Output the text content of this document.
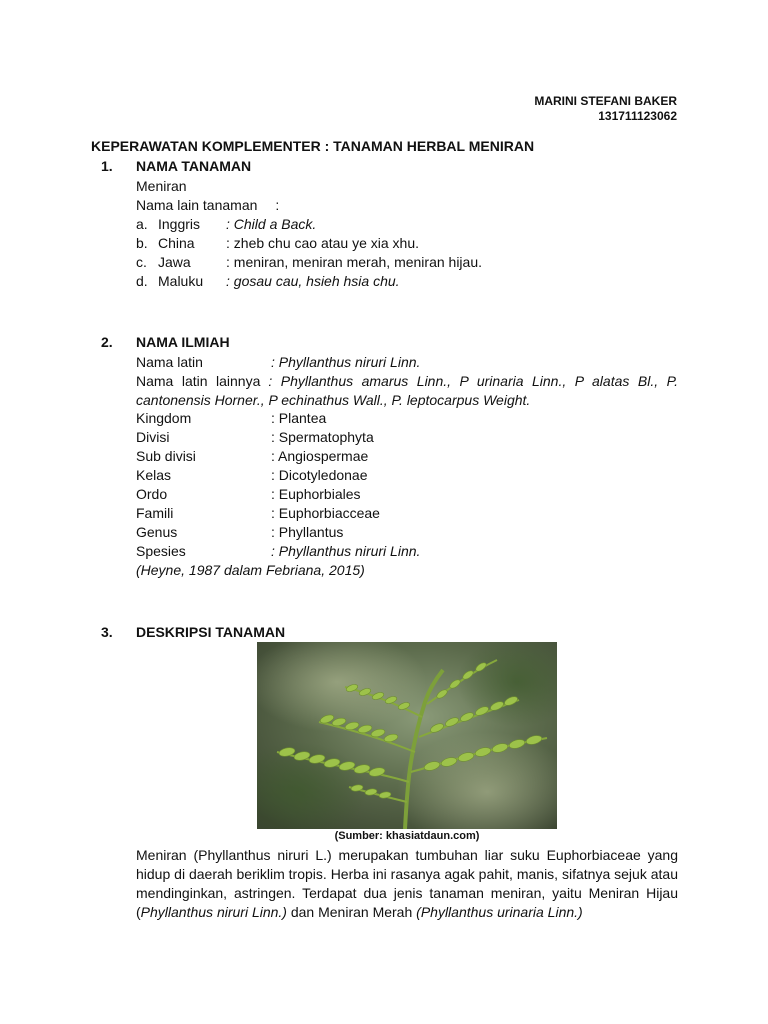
MARINI STEFANI BAKER
131711123062
KEPERAWATAN KOMPLEMENTER : TANAMAN HERBAL MENIRAN
1. NAMA TANAMAN
Meniran
Nama lain tanaman :
a. Inggris : Child a Back.
b. China : zheb chu cao atau ye xia xhu.
c. Jawa	: meniran, meniran merah, meniran hijau.
d. Maluku : gosau cau, hsieh hsia chu.
2. NAMA ILMIAH
Nama latin	: Phyllanthus niruri Linn.
Nama latin lainnya : Phyllanthus amarus Linn., P urinaria Linn., P alatas Bl., P. cantonensis Horner., P echinathus Wall., P. leptocarpus Weight.
Kingdom	: Plantea
Divisi	: Spermatophyta
Sub divisi	: Angiospermae
Kelas	: Dicotyledonae
Ordo	: Euphorbiales
Famili	: Euphorbiacceae
Genus	: Phyllantus
Spesies	: Phyllanthus niruri Linn.
(Heyne, 1987 dalam Febriana, 2015)
3. DESKRIPSI TANAMAN
(Sumber: khasiatdaun.com)
Meniran (Phyllanthus niruri L.) merupakan tumbuhan liar suku Euphorbiaceae yang hidup di daerah beriklim tropis. Herba ini rasanya agak pahit, manis, sifatnya sejuk atau mendinginkan, astringen. Terdapat dua jenis tanaman meniran, yaitu Meniran Hijau (Phyllanthus niruri Linn.) dan Meniran Merah (Phyllanthus urinaria Linn.)
